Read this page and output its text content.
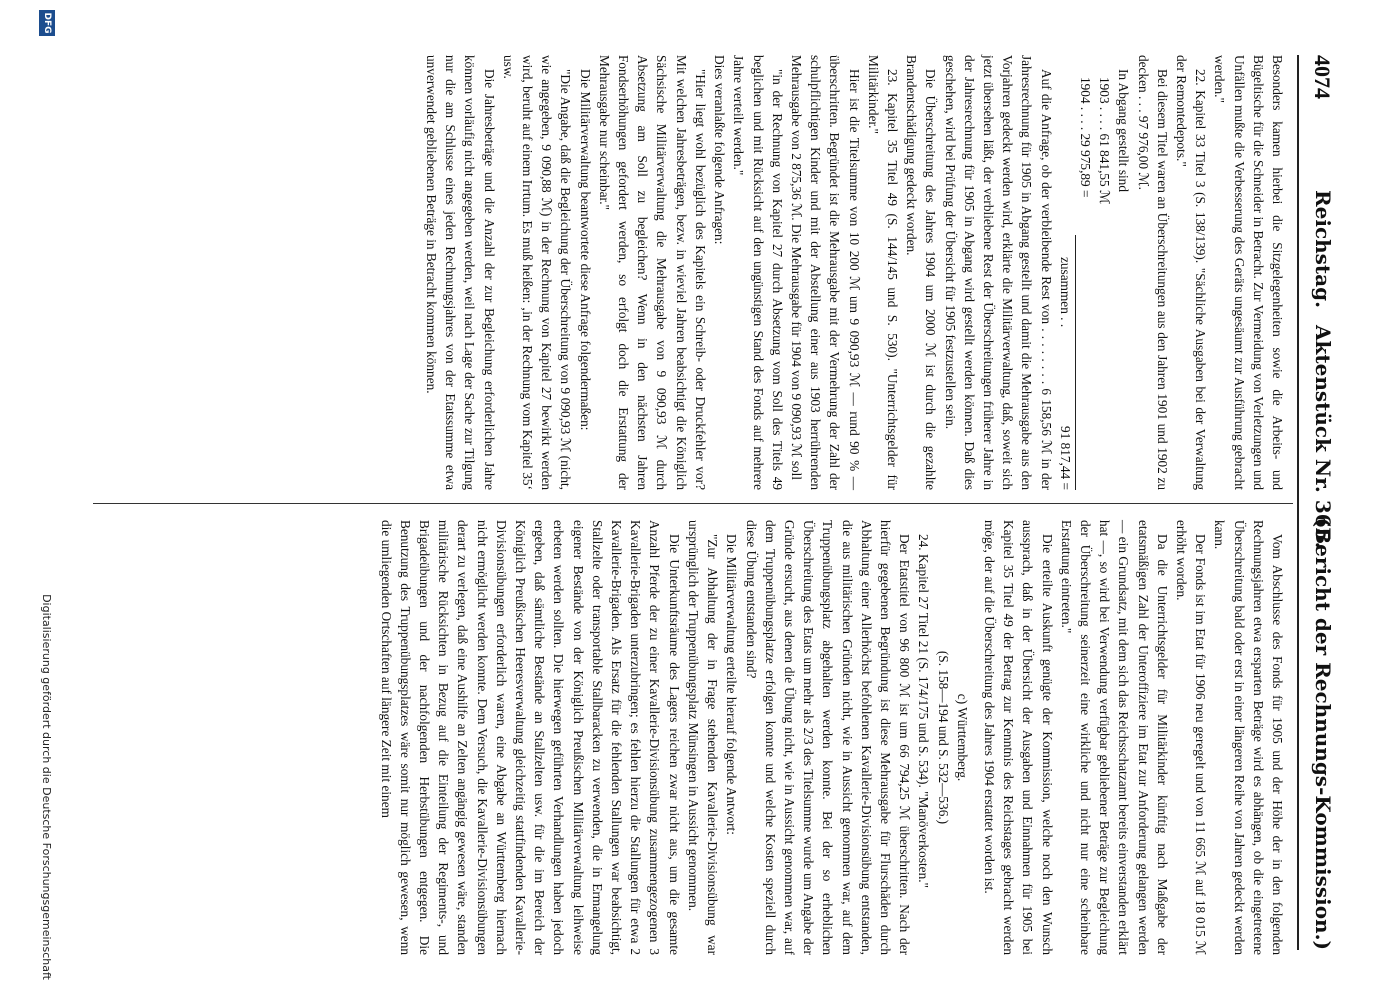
4074
Reichstag.
Aktenstück Nr. 365.
(Bericht der Rechnungs-Kommission.)

Besonders kamen hierbei die Sitzgelegenheiten sowie die Arbeits- und Bügeltische für die Schneider in Betracht. Zur Vermeidung von Verletzungen und Unfällen mußte die Verbesserung des Geräts ungesäumt zur Ausführung gebracht werden."

22. Kapitel 33 Titel 3 (S. 138/139). "Sächliche Ausgaben bei der Verwaltung der Remontedepots."

Bei diesem Titel waren an Überschreitungen aus den Jahren 1901 und 1902 zu decken . . . 97 976,00 ℳ.

In Abgang gestellt sind

1903 . . . . 61 841,55 ℳ
1904 . . . . 29 975,89 =
zusammen . .
91 817,44 =

Auf die Anfrage, ob der verbleibende Rest von . . . . . . . . 6 158,56 ℳ in der Jahresrechnung für 1905 in Abgang gestellt und damit die Mehrausgabe aus den Vorjahren gedeckt werden wird, erklärte die Militärverwaltung, daß, soweit sich jetzt übersehen läßt, der verbliebene Rest der Überschreitungen früherer Jahre in der Jahresrechnung für 1905 in Abgang wird gestellt werden können. Daß dies geschehen, wird bei Prüfung der Übersicht für 1905 festzustellen sein.

Die Überschreitung des Jahres 1904 um 2000 ℳ ist durch die gezahlte Brandentschädigung gedeckt worden.

23. Kapitel 35 Titel 49 (S. 144/145 und S. 530). "Unterrichtsgelder für Militärkinder."

Hier ist die Titelsumme von 10 200 ℳ um 9 090,93 ℳ — rund 90 % — überschritten. Begründet ist die Mehrausgabe mit der Vermehrung der Zahl der schulpflichtigen Kinder und mit der Abstellung einer aus 1903 herrührenden Mehrausgabe von 2 875,36 ℳ. Die Mehrausgabe für 1904 von 9 090,93 ℳ soll

"in der Rechnung von Kapitel 27 durch Absetzung vom Soll des Titels 49 beglichen und mit Rücksicht auf den ungünstigen Stand des Fonds auf mehrere Jahre verteilt werden."

Dies veranlaßte folgende Anfragen:

"Hier liegt wohl bezüglich des Kapitels ein Schreib- oder Druckfehler vor? Mit welchen Jahresbeträgen, bezw. in wieviel Jahren beabsichtigt die Königlich Sächsische Militärverwaltung die Mehrausgabe von 9 090,93 ℳ durch Absetzung am Soll zu begleichen? Wenn in den nächsten Jahren Fondserhöhungen gefordert werden, so erfolgt doch die Erstattung der Mehrausgabe nur scheinbar."

Die Militärverwaltung beantwortete diese Anfrage folgendermaßen:

"Die Angabe, daß die Begleichung der Überschreitung von 9 090,93 ℳ (nicht, wie angegeben, 9 090,88 ℳ) in der Rechnung von Kapitel 27 bewirkt werden wird, beruht auf einem Irrtum. Es muß heißen: ‚in der Rechnung vom Kapitel 35‘ usw.

Die Jahresbeträge und die Anzahl der zur Begleichung erforderlichen Jahre können vorläufig nicht angegeben werden, weil nach Lage der Sache zur Tilgung nur die am Schlusse eines jeden Rechnungsjahres von der Etatssumme etwa unverwendet gebliebenen Beträge in Betracht kommen können.

Vom Abschlusse des Fonds für 1905 und der Höhe der in den folgenden Rechnungsjahren etwa ersparten Beträge wird es abhängen, ob die eingetretene Überschreitung bald oder erst in einer längeren Reihe von Jahren gedeckt werden kann.

Der Fonds ist im Etat für 1906 neu geregelt und von 11 665 ℳ auf 18 015 ℳ erhöht worden.

Da die Unterrichtsgelder für Militärkinder künftig nach Maßgabe der etatsmäßigen Zahl der Unteroffiziere im Etat zur Anforderung gelangen werden — ein Grundsatz, mit dem sich das Reichsschatzamt bereits einverstanden erklärt hat —, so wird bei Verwendung verfügbar gebliebener Beträge zur Begleichung der Überschreitung seinerzeit eine wirkliche und nicht nur eine scheinbare Erstattung eintreten."

Die erteilte Auskunft genügte der Kommission, welche noch den Wunsch aussprach, daß in der Übersicht der Ausgaben und Einnahmen für 1905 bei Kapitel 35 Titel 49 der Betrag zur Kenntnis des Reichstages gebracht werden möge, der auf die Überschreitung des Jahres 1904 erstattet worden ist.

c) Württemberg.

(S. 158—194 und S. 532—536.)

24. Kapitel 27 Titel 21 (S. 174/175 und S. 534). "Manöverkosten."

Der Etatstitel von 96 800 ℳ ist um 66 794,25 ℳ überschritten. Nach der hierfür gegebenen Begründung ist diese Mehrausgabe für Flurschäden durch Abhaltung einer Allerhöchst befohlenen Kavallerie-Divisionsübung entstanden, die aus militärischen Gründen nicht, wie in Aussicht genommen war, auf dem Truppenübungsplatz abgehalten werden konnte. Bei der so erheblichen Überschreitung des Etats um mehr als 2/3 des Titelsumme wurde um Angabe der Gründe ersucht, aus denen die Übung nicht, wie in Aussicht genommen war, auf dem Truppenübungsplatze erfolgen konnte und welche Kosten speziell durch diese Übung entstanden sind?

Die Militärverwaltung erteilte hierauf folgende Antwort:

"Zur Abhaltung der in Frage stehenden Kavallerie-Divisionsübung war ursprünglich der Truppenübungsplatz Münsingen in Aussicht genommen.

Die Unterkunftsräume des Lagers reichen zwar nicht aus, um die gesamte Anzahl Pferde der zu einer Kavallerie-Divisionsübung zusammengezogenen 3 Kavallerie-Brigaden unterzubringen; es fehlen hierzu die Stallungen für etwa 2 Kavallerie-Brigaden. Als Ersatz für die fehlenden Stallungen war beabsichtigt, Stallzelte oder transportable Stallbaracken zu verwenden, die in Ermangelung eigener Bestände von der Königlich Preußischen Militärverwaltung leihweise erbeten werden sollten. Die hierwegen geführten Verhandlungen haben jedoch ergeben, daß sämtliche Bestände an Stallzelten usw. für die im Bereich der Königlich Preußischen Heeresverwaltung gleichzeitig stattfindenden Kavallerie-Divisionsübungen erforderlich waren, eine Abgabe an Württemberg hiernach nicht ermöglicht werden konnte. Dem Versuch, die Kavallerie-Divisionsübungen derart zu verlegen, daß eine Aushilfe an Zelten angängig gewesen wäre, standen militärische Rücksichten in Bezug auf die Einteilung der Regiments-, und Brigadeübungen und der nachfolgenden Herbstübungen entgegen. Die Benutzung des Truppenübungsplatzes wäre somit nur möglich gewesen, wenn die umliegenden Ortschaften auf längere Zeit mit einem

DFG
Digitalisierung gefördert durch die Deutsche Forschungsgemeinschaft
